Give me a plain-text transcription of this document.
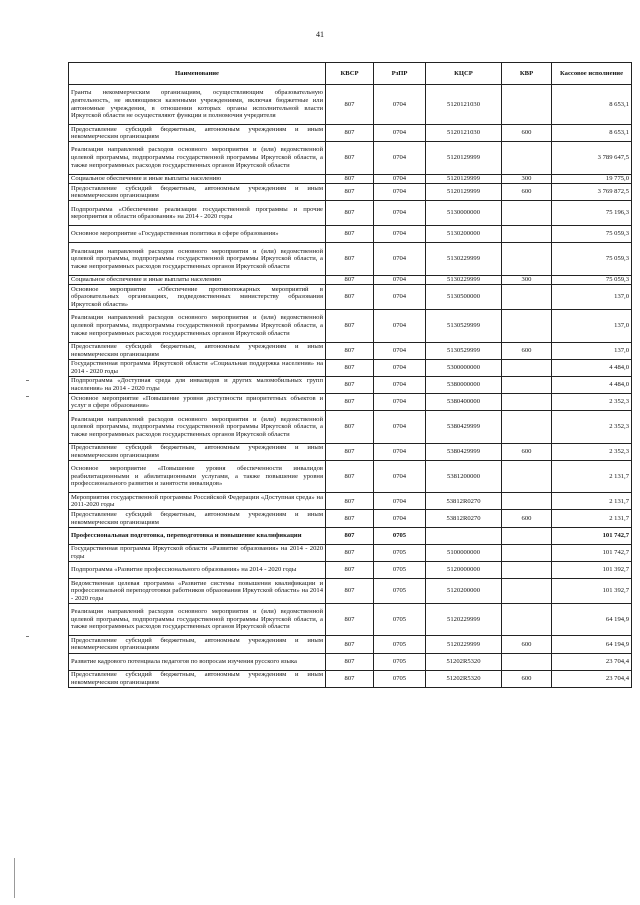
41
Наименование	КВСР	РзПР	КЦСР	КВР	Кассовое исполнение
Гранты некоммерческим организациям, осуществляющим образовательную деятельность, не являющимся казенными учреждениями, включая бюджетные или автономные учреждения, в отношении которых органы исполнительной власти Иркутской области не осуществляют функции и полномочия учредителя	807	0704	5120121030		8 653,1
Предоставление субсидий бюджетным, автономным учреждениям и иным некоммерческим организациям	807	0704	5120121030	600	8 653,1
Реализация направлений расходов основного мероприятия и (или) ведомственной целевой программы, подпрограммы государственной программы Иркутской области, а также непрограммных расходов государственных органов Иркутской области	807	0704	5120129999		3 789 647,5
Социальное обеспечение и иные выплаты населению	807	0704	5120129999	300	19 775,0
Предоставление субсидий бюджетным, автономным учреждениям и иным некоммерческим организациям	807	0704	5120129999	600	3 769 872,5
Подпрограмма «Обеспечение реализации государственной программы и прочие мероприятия в области образования» на 2014 - 2020 годы	807	0704	5130000000		75 196,3
Основное мероприятие «Государственная политика в сфере образования»	807	0704	5130200000		75 059,3
Реализация направлений расходов основного мероприятия и (или) ведомственной целевой программы, подпрограммы государственной программы Иркутской области, а также непрограммных расходов государственных органов Иркутской области	807	0704	5130229999		75 059,3
Социальное обеспечение и иные выплаты населению	807	0704	5130229999	300	75 059,3
Основное мероприятие «Обеспечение противопожарных мероприятий в образовательных организациях, подведомственных министерству образования Иркутской области»	807	0704	5130500000		137,0
Реализация направлений расходов основного мероприятия и (или) ведомственной целевой программы, подпрограммы государственной программы Иркутской области, а также непрограммных расходов государственных органов Иркутской области	807	0704	5130529999		137,0
Предоставление субсидий бюджетным, автономным учреждениям и иным некоммерческим организациям	807	0704	5130529999	600	137,0
Государственная программа Иркутской области «Социальная поддержка населения» на 2014 - 2020 годы	807	0704	5300000000		4 484,0
Подпрограмма «Доступная среда для инвалидов и других маломобильных групп населения» на 2014 - 2020 годы	807	0704	5380000000		4 484,0
Основное мероприятие «Повышение уровня доступности приоритетных объектов и услуг в сфере образования»	807	0704	5380400000		2 352,3
Реализация направлений расходов основного мероприятия и (или) ведомственной целевой программы, подпрограммы государственной программы Иркутской области, а также непрограммных расходов государственных органов Иркутской области	807	0704	5380429999		2 352,3
Предоставление субсидий бюджетным, автономным учреждениям и иным некоммерческим организациям	807	0704	5380429999	600	2 352,3
Основное мероприятие «Повышение уровня обеспеченности инвалидов реабилитационными и абилитационными услугами, а также повышение уровня профессионального развития и занятости инвалидов»	807	0704	5381200000		2 131,7
Мероприятия государственной программы Российской Федерации «Доступная среда» на 2011-2020 годы	807	0704	53812R0270		2 131,7
Предоставление субсидий бюджетным, автономным учреждениям и иным некоммерческим организациям	807	0704	53812R0270	600	2 131,7
Профессиональная подготовка, переподготовка и повышение квалификации	807	0705			101 742,7
Государственная программа Иркутской области «Развитие образования» на 2014 - 2020 годы	807	0705	5100000000		101 742,7
Подпрограмма «Развитие профессионального образования» на 2014 - 2020 годы	807	0705	5120000000		101 392,7
Ведомственная целевая программа «Развитие системы повышения квалификации и профессиональной переподготовки работников образования Иркутской области» на 2014 - 2020 годы	807	0705	5120200000		101 392,7
Реализация направлений расходов основного мероприятия и (или) ведомственной целевой программы, подпрограммы государственной программы Иркутской области, а также непрограммных расходов государственных органов Иркутской области	807	0705	5120229999		64 194,9
Предоставление субсидий бюджетным, автономным учреждениям и иным некоммерческим организациям	807	0705	5120229999	600	64 194,9
Развитие кадрового потенциала педагогов по вопросам изучения русского языка	807	0705	51202R5320		23 704,4
Предоставление субсидий бюджетным, автономным учреждениям и иным некоммерческим организациям	807	0705	51202R5320	600	23 704,4
